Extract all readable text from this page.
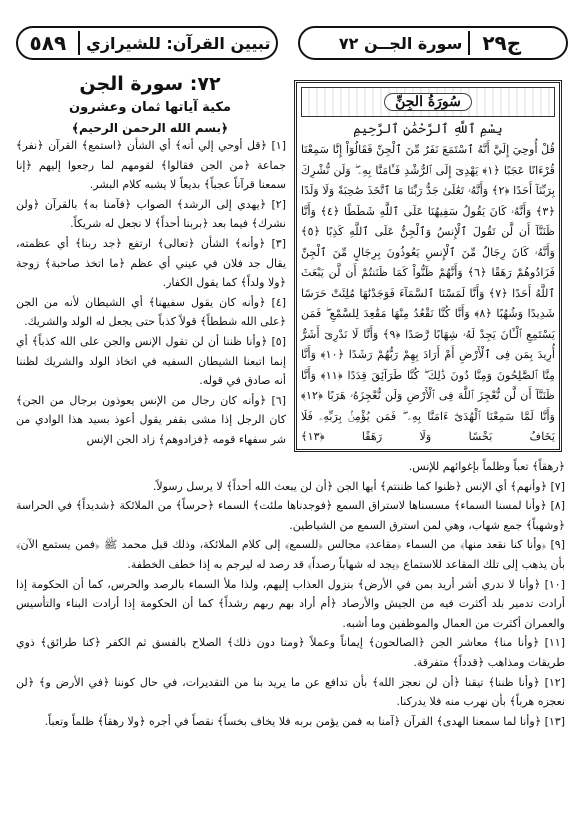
ج٢٩
سورة الجــن ٧٢
تبيين القرآن: للشيرازي
٥٨٩
سُورَةُ الجِنِّ
بِسْمِ ٱللَّهِ ٱلرَّحْمَٰنِ ٱلرَّحِيمِ
قُلْ أُوحِيَ إِلَيَّ أَنَّهُ ٱسْتَمَعَ نَفَرٌ مِّنَ ٱلْجِنِّ فَقَالُوٓاْ إِنَّا سَمِعْنَا قُرْءَانًا عَجَبًا ﴿١﴾ يَهْدِىٓ إِلَى ٱلرُّشْدِ فَـَٔامَنَّا بِهِۦ ۖ وَلَن نُّشْرِكَ بِرَبِّنَآ أَحَدًا ﴿٢﴾ وَأَنَّهُۥ تَعَٰلَىٰ جَدُّ رَبِّنَا مَا ٱتَّخَذَ صَٰحِبَةً وَلَا وَلَدًا ﴿٣﴾ وَأَنَّهُۥ كَانَ يَقُولُ سَفِيهُنَا عَلَى ٱللَّهِ شَطَطًا ﴿٤﴾ وَأَنَّا ظَنَنَّآ أَن لَّن تَقُولَ ٱلْإِنسُ وَٱلْجِنُّ عَلَى ٱللَّهِ كَذِبًا ﴿٥﴾ وَأَنَّهُۥ كَانَ رِجَالٌ مِّنَ ٱلْإِنسِ يَعُوذُونَ بِرِجَالٍ مِّنَ ٱلْجِنِّ فَزَادُوهُمْ رَهَقًا ﴿٦﴾ وَأَنَّهُمْ ظَنُّواْ كَمَا ظَنَنتُمْ أَن لَّن يَبْعَثَ ٱللَّهُ أَحَدًا ﴿٧﴾ وَأَنَّا لَمَسْنَا ٱلسَّمَآءَ فَوَجَدْنَٰهَا مُلِئَتْ حَرَسًا شَدِيدًا وَشُهُبًا ﴿٨﴾ وَأَنَّا كُنَّا نَقْعُدُ مِنْهَا مَقَٰعِدَ لِلسَّمْعِ ۖ فَمَن يَسْتَمِعِ ٱلْـَٔانَ يَجِدْ لَهُۥ شِهَابًا رَّصَدًا ﴿٩﴾ وَأَنَّا لَا نَدْرِىٓ أَشَرٌّ أُرِيدَ بِمَن فِى ٱلْأَرْضِ أَمْ أَرَادَ بِهِمْ رَبُّهُمْ رَشَدًا ﴿١٠﴾ وَأَنَّا مِنَّا ٱلصَّٰلِحُونَ وَمِنَّا دُونَ ذَٰلِكَ ۖ كُنَّا طَرَآئِقَ قِدَدًا ﴿١١﴾ وَأَنَّا ظَنَنَّآ أَن لَّن نُّعْجِزَ ٱللَّهَ فِى ٱلْأَرْضِ وَلَن نُّعْجِزَهُۥ هَرَبًا ﴿١٢﴾ وَأَنَّا لَمَّا سَمِعْنَا ٱلْهُدَىٰٓ ءَامَنَّا بِهِۦ ۖ فَمَن يُؤْمِنۢ بِرَبِّهِۦ فَلَا يَخَافُ بَخْسًا وَلَا رَهَقًا ﴿١٣﴾
٧٢: سورة الجن
مكية آياتها ثمان وعشرون
﴿بسم الله الرحمن الرحيم﴾

[١] ﴿قل أوحي إلي أنه﴾ أي الشأن ﴿استمع﴾ القرآن ﴿نفر﴾ جماعة ﴿من الجن فقالوا﴾ لقومهم لما رجعوا إليهم ﴿إنا سمعنا قرآناً عجباً﴾ بديعاً لا يشبه كلام البشر.

[٢] ﴿يهدي إلى الرشد﴾ الصواب ﴿فآمنا به﴾ بالقرآن ﴿ولن نشرك﴾ فيما بعد ﴿بربنا أحداً﴾ لا نجعل له شريكاً.

[٣] ﴿وأنه﴾ الشأن ﴿تعالى﴾ ارتفع ﴿جد ربنا﴾ أي عظمته، يقال جد فلان في عيني أي عظم ﴿ما اتخذ صاحبة﴾ زوجة ﴿ولا ولداً﴾ كما يقول الكفار.

[٤] ﴿وأنه كان يقول سفيهنا﴾ أي الشيطان لأنه من الجن ﴿على الله شططاً﴾ قولاً كذباً حتى يجعل له الولد والشريك.

[٥] ﴿وأنا ظننا أن لن تقول الإنس والجن على الله كذباً﴾ أي إنما اتبعنا الشيطان السفيه في اتخاذ الولد والشريك لظننا أنه صادق في قوله.

[٦] ﴿وأنه كان رجال من الإنس يعوذون برجال من الجن﴾ كان الرجل إذا مشى بقفر يقول أعوذ بسيد هذا الوادي من شر سفهاء قومه ﴿فزادوهم﴾ زاد الجن الإنس

﴿رهقاً﴾ تعباً وظلماً بإغوائهم للإنس.

[٧] ﴿وأنهم﴾ أي الإنس ﴿ظنوا كما ظننتم﴾ أيها الجن ﴿أن لن يبعث الله أحداً﴾ لا يرسل رسولاً.

[٨] ﴿وأنا لمسنا السماء﴾ مسسناها لاستراق السمع ﴿فوجدناها ملئت﴾ السماء ﴿حرساً﴾ من الملائكة ﴿شديداً﴾ في الحراسة ﴿وشهباً﴾ جمع شهاب، وهي لمن استرق السمع من الشياطين.

[٩] ﴿وأنا كنا نقعد منها﴾ من السماء ﴿مقاعد﴾ مجالس ﴿للسمع﴾ إلى كلام الملائكة، وذلك قبل محمد ﷺ ﴿فمن يستمع الآن﴾ بأن يذهب إلى تلك المقاعد للاستماع ﴿يجد له شهاباً رصداً﴾ قد رصد له ليرجم به إذا خطف الخطفة.

[١٠] ﴿وأنا لا ندري أشر أريد بمن في الأرض﴾ بنزول العذاب إليهم، ولذا ملأ السماء بالرصد والحرس، كما أن الحكومة إذا أرادت تدمير بلد أكثرت فيه من الجيش والأرصاد ﴿أم أراد بهم ربهم رشداً﴾ كما أن الحكومة إذا أرادت البناء والتأسيس والعمران أكثرت من العمال والموظفين وما أشبه.

[١١] ﴿وأنا منا﴾ معاشر الجن ﴿الصالحون﴾ إيماناً وعملاً ﴿ومنا دون ذلك﴾ الصلاح بالفسق ثم الكفر ﴿كنا طرائق﴾ ذوي طريقات ومذاهب ﴿قدداً﴾ متفرقة.

[١٢] ﴿وأنا ظننا﴾ تيقنا ﴿أن لن نعجز الله﴾ بأن تدافع عن ما يريد بنا من التقديرات، في حال كوننا ﴿في الأرض و﴾ ﴿لن نعجزه هرباً﴾ بأن نهرب منه فلا يدركنا.

[١٣] ﴿وأنا لما سمعنا الهدى﴾ القرآن ﴿آمنا به فمن يؤمن بربه فلا يخاف بخساً﴾ نقصاً في أجره ﴿ولا رهقاً﴾ ظلماً وتعباً.
